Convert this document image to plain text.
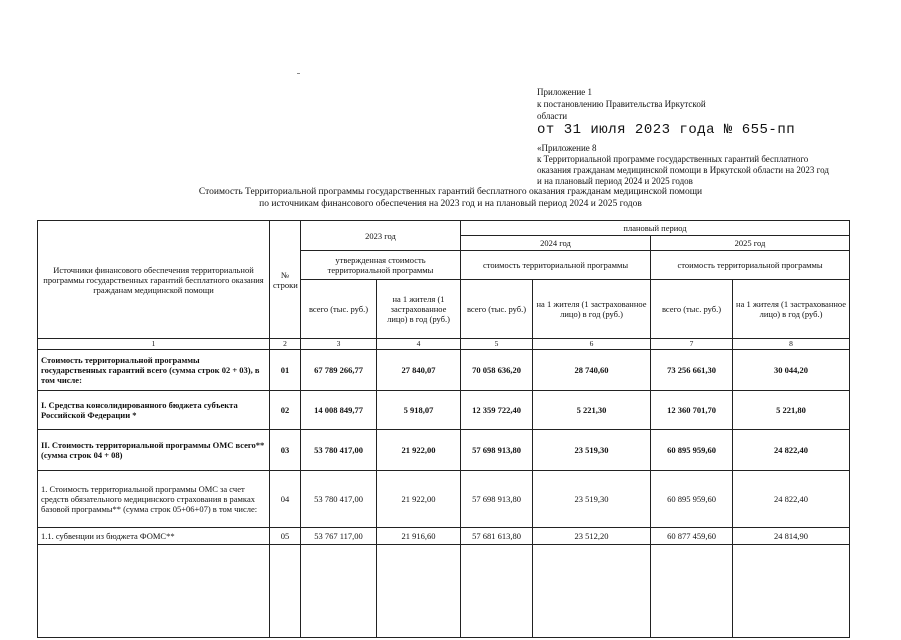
Приложение 1
к постановлению Правительства Иркутской
области
от 31 июля 2023 года № 655-пп
«Приложение 8
к Территориальной программе государственных гарантий бесплатного
оказания гражданам медицинской помощи в Иркутской области на 2023 год
и на плановый период 2024 и 2025 годов
Стоимость Территориальной программы государственных гарантий бесплатного оказания гражданам медицинской помощи
по источникам финансового обеспечения на 2023 год и на плановый период 2024 и 2025 годов
Источники финансового обеспечения территориальной программы государственных гарантий бесплатного оказания гражданам медицинской помощи	№ строки	2023 год		плановый период			
				2024 год		2025 год	
		утвержденная стоимость территориальной программы		стоимость территориальной программы		стоимость территориальной программы	
		всего (тыс. руб.)	на 1 жителя (1 застрахованное лицо) в год (руб.)	всего (тыс. руб.)	на 1 жителя (1 застрахованное лицо) в год (руб.)	всего (тыс. руб.)	на 1 жителя (1 застрахованное лицо) в год (руб.)
1	2	3	4	5	6	7	8
Стоимость территориальной программы государственных гарантий всего (сумма строк 02 + 03), в том числе:	01	67 789 266,77	27 840,07	70 058 636,20	28 740,60	73 256 661,30	30 044,20
I. Средства консолидированного бюджета субъекта Российской Федерации *	02	14 008 849,77	5 918,07	12 359 722,40	5 221,30	12 360 701,70	5 221,80
II. Стоимость территориальной программы ОМС всего** (сумма строк 04 + 08)	03	53 780 417,00	21 922,00	57 698 913,80	23 519,30	60 895 959,60	24 822,40
1. Стоимость территориальной программы ОМС за счет средств обязательного медицинского страхования в рамках базовой программы** (сумма строк 05+06+07) в том числе:	04	53 780 417,00	21 922,00	57 698 913,80	23 519,30	60 895 959,60	24 822,40
1.1. субвенции из бюджета ФОМС**	05	53 767 117,00	21 916,60	57 681 613,80	23 512,20	60 877 459,60	24 814,90
